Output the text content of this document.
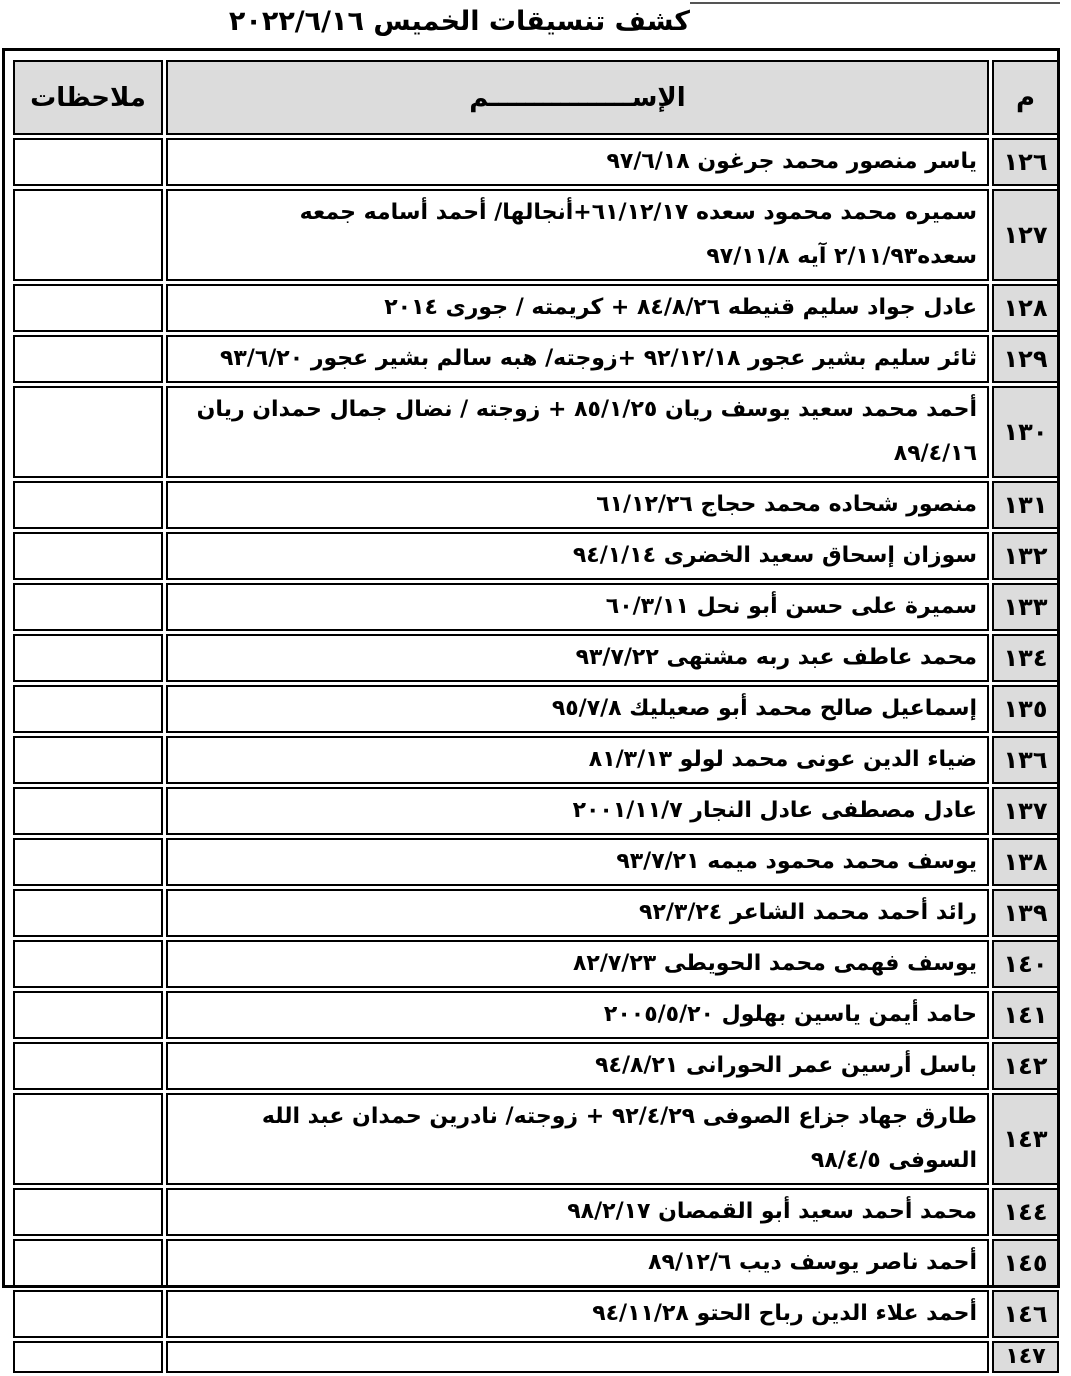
كشف تنسيقات الخميس ٢٠٢٢/٦/١٦
م	الإســــــــــــــــم	ملاحظات
١٢٦	ياسر منصور محمد جرغون ٩٧/٦/١٨	
١٢٧	سميره محمد محمود سعده ٦١/١٢/١٧+أنجالها/ أحمد أسامه جمعه سعده٢/١١/٩٣ آيه ٩٧/١١/٨	
١٢٨	عادل جواد سليم قنيطه ٨٤/٨/٢٦ + كريمته / جورى ٢٠١٤	
١٢٩	ثائر سليم بشير عجور ٩٢/١٢/١٨ +زوجته/ هبه سالم بشير عجور ٩٣/٦/٢٠	
١٣٠	أحمد محمد سعيد يوسف ريان ٨٥/١/٢٥ + زوجته / نضال جمال حمدان ريان ٨٩/٤/١٦	
١٣١	منصور شحاده محمد حجاج ٦١/١٢/٢٦	
١٣٢	سوزان إسحاق سعيد الخضرى ٩٤/١/١٤	
١٣٣	سميرة على حسن أبو نحل ٦٠/٣/١١	
١٣٤	محمد عاطف عبد ربه مشتهى ٩٣/٧/٢٢	
١٣٥	إسماعيل صالح محمد أبو صعيليك ٩٥/٧/٨	
١٣٦	ضياء الدين عونى محمد لولو ٨١/٣/١٣	
١٣٧	عادل مصطفى عادل النجار ٢٠٠١/١١/٧	
١٣٨	يوسف محمد محمود ميمه ٩٣/٧/٢١	
١٣٩	رائد أحمد محمد الشاعر ٩٢/٣/٢٤	
١٤٠	يوسف فهمى محمد الحويطى ٨٢/٧/٢٣	
١٤١	حامد أيمن ياسين بهلول ٢٠٠٥/٥/٢٠	
١٤٢	باسل أرسين عمر الحورانى ٩٤/٨/٢١	
١٤٣	طارق جهاد جزاع الصوفى ٩٢/٤/٢٩ + زوجته/ نادرين حمدان عبد الله السوفى ٩٨/٤/٥	
١٤٤	محمد أحمد سعيد أبو القمصان ٩٨/٢/١٧	
١٤٥	أحمد ناصر يوسف ديب ٨٩/١٢/٦	
١٤٦	أحمد علاء الدين رباح الحتو ٩٤/١١/٢٨	
١٤٧		
